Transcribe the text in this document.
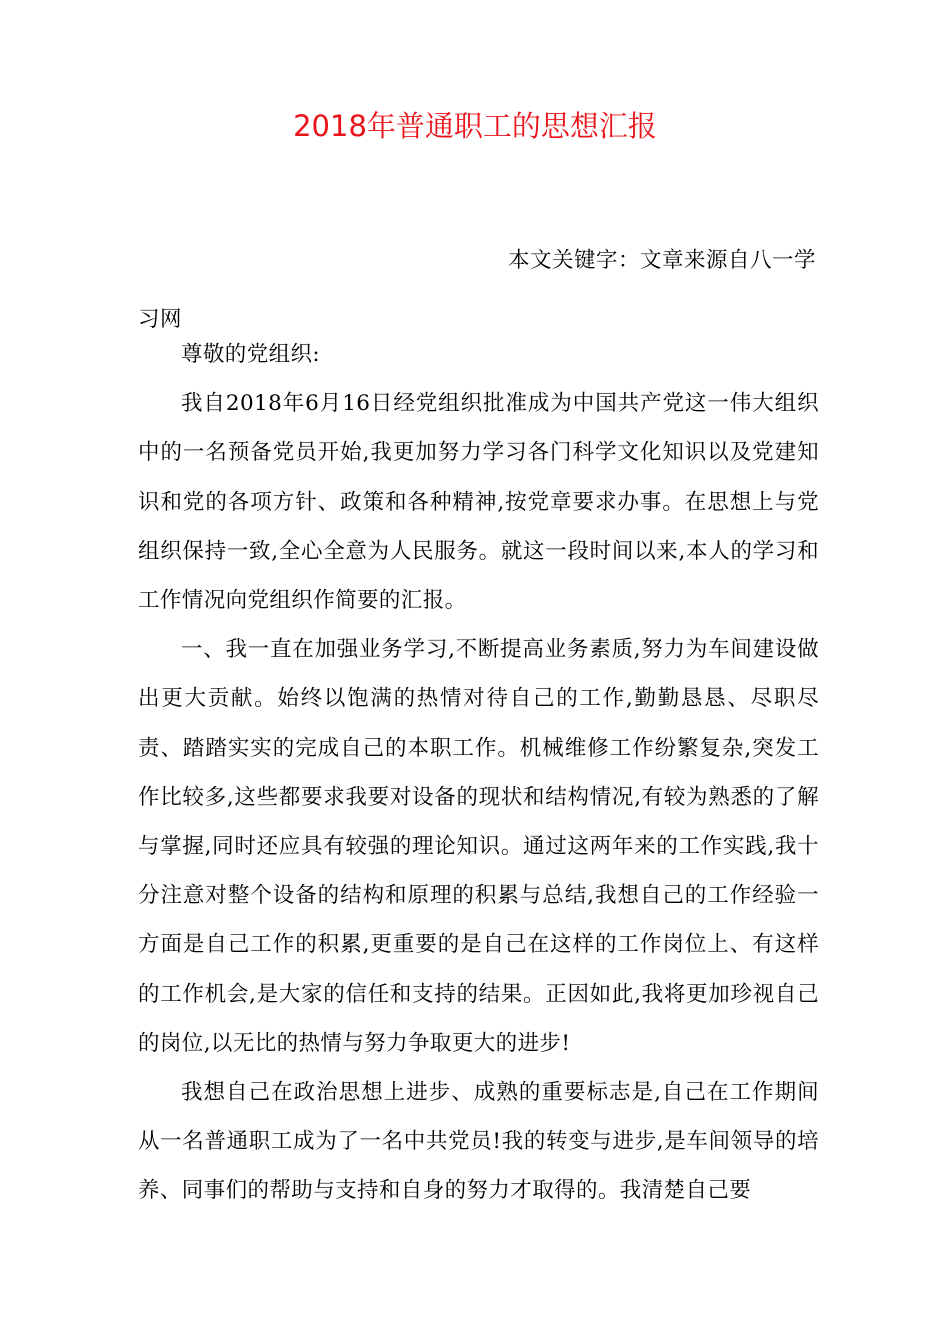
2018年普通职工的思想汇报
本文关键字：文章来源自八一学习网

尊敬的党组织:

我自2018年6月16日经党组织批准成为中国共产党这一伟大组织中的一名预备党员开始,我更加努力学习各门科学文化知识以及党建知识和党的各项方针、政策和各种精神,按党章要求办事。在思想上与党组织保持一致,全心全意为人民服务。就这一段时间以来,本人的学习和工作情况向党组织作简要的汇报。

一、我一直在加强业务学习,不断提高业务素质,努力为车间建设做出更大贡献。始终以饱满的热情对待自己的工作,勤勤恳恳、尽职尽责、踏踏实实的完成自己的本职工作。机械维修工作纷繁复杂,突发工作比较多,这些都要求我要对设备的现状和结构情况,有较为熟悉的了解与掌握,同时还应具有较强的理论知识。通过这两年来的工作实践,我十分注意对整个设备的结构和原理的积累与总结,我想自己的工作经验一方面是自己工作的积累,更重要的是自己在这样的工作岗位上、有这样的工作机会,是大家的信任和支持的结果。正因如此,我将更加珍视自己的岗位,以无比的热情与努力争取更大的进步!

我想自己在政治思想上进步、成熟的重要标志是,自己在工作期间从一名普通职工成为了一名中共党员!我的转变与进步,是车间领导的培养、同事们的帮助与支持和自身的努力才取得的。我清楚自己要
